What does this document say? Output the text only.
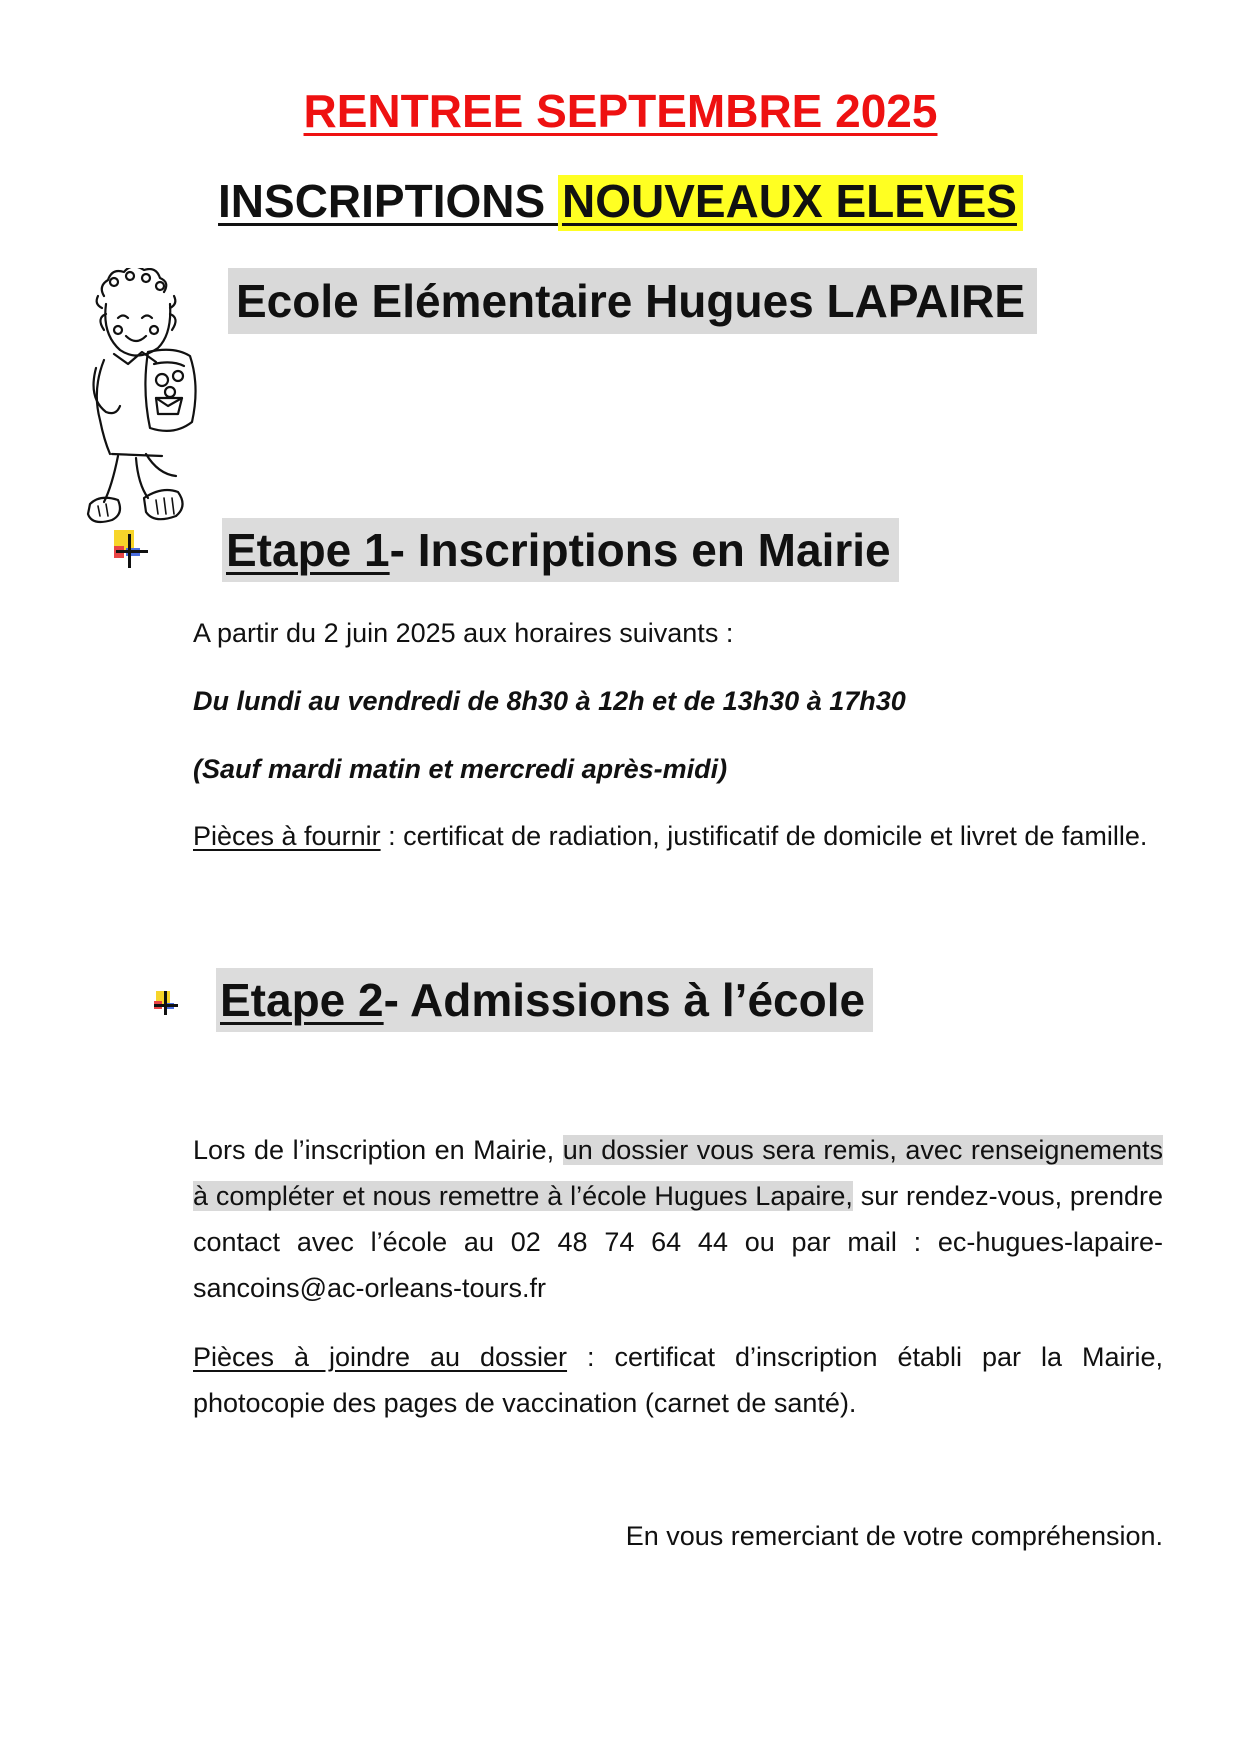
RENTREE SEPTEMBRE 2025
INSCRIPTIONS NOUVEAUX ELEVES
Ecole Elémentaire Hugues LAPAIRE
Etape 1- Inscriptions en Mairie
A partir du 2 juin 2025 aux horaires suivants :
Du lundi au vendredi de 8h30 à 12h et de 13h30 à 17h30
(Sauf mardi matin et mercredi après-midi)
Pièces à fournir : certificat de radiation, justificatif de domicile et livret de famille.
Etape 2- Admissions à l’école
Lors de l’inscription en Mairie, un dossier vous sera remis, avec renseignements à compléter et nous remettre à l’école Hugues Lapaire, sur rendez-vous, prendre contact avec l’école au 02 48 74 64 44 ou par mail : ec-hugues-lapaire-sancoins@ac-orleans-tours.fr
Pièces à joindre au dossier : certificat d’inscription établi par la Mairie, photocopie des pages de vaccination (carnet de santé).
En vous remerciant de votre compréhension.
